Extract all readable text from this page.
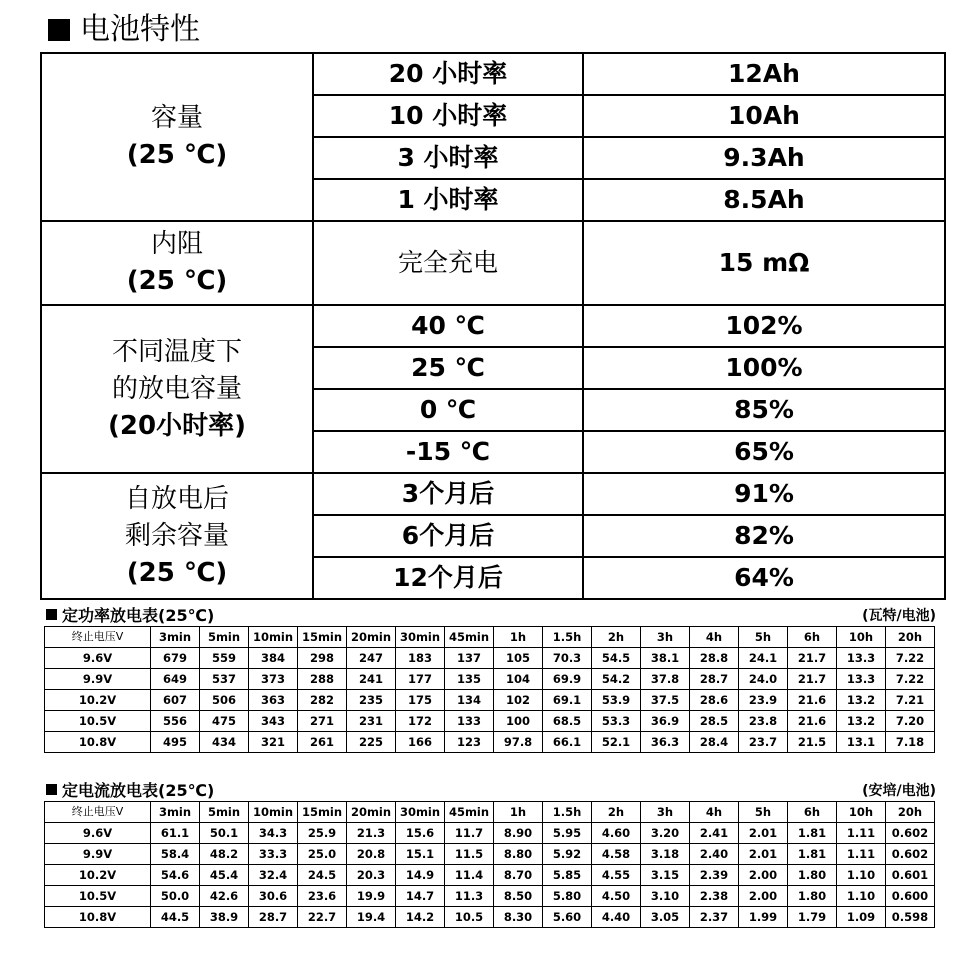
电池特性
容量
(25 ℃)	20 小时率	12Ah
	10 小时率	10Ah
	3 小时率	9.3Ah
	1 小时率	8.5Ah

内阻
(25 ℃)	完全充电	15 mΩ

不同温度下
的放电容量
(20小时率)	40 ℃	102%
	25 ℃	100%
	0 ℃	85%
	-15 ℃	65%

自放电后
剩余容量
(25 ℃)	3个月后	91%
	6个月后	82%
	12个月后	64%
定功率放电表(25℃)	(瓦特/电池)
终止电压V	3min	5min	10min	15min	20min	30min	45min	1h	1.5h	2h	3h	4h	5h	6h	10h	20h
9.6V	679	559	384	298	247	183	137	105	70.3	54.5	38.1	28.8	24.1	21.7	13.3	7.22
9.9V	649	537	373	288	241	177	135	104	69.9	54.2	37.8	28.7	24.0	21.7	13.3	7.22
10.2V	607	506	363	282	235	175	134	102	69.1	53.9	37.5	28.6	23.9	21.6	13.2	7.21
10.5V	556	475	343	271	231	172	133	100	68.5	53.3	36.9	28.5	23.8	21.6	13.2	7.20
10.8V	495	434	321	261	225	166	123	97.8	66.1	52.1	36.3	28.4	23.7	21.5	13.1	7.18
定电流放电表(25℃)	(安培/电池)
终止电压V	3min	5min	10min	15min	20min	30min	45min	1h	1.5h	2h	3h	4h	5h	6h	10h	20h
9.6V	61.1	50.1	34.3	25.9	21.3	15.6	11.7	8.90	5.95	4.60	3.20	2.41	2.01	1.81	1.11	0.602
9.9V	58.4	48.2	33.3	25.0	20.8	15.1	11.5	8.80	5.92	4.58	3.18	2.40	2.01	1.81	1.11	0.602
10.2V	54.6	45.4	32.4	24.5	20.3	14.9	11.4	8.70	5.85	4.55	3.15	2.39	2.00	1.80	1.10	0.601
10.5V	50.0	42.6	30.6	23.6	19.9	14.7	11.3	8.50	5.80	4.50	3.10	2.38	2.00	1.80	1.10	0.600
10.8V	44.5	38.9	28.7	22.7	19.4	14.2	10.5	8.30	5.60	4.40	3.05	2.37	1.99	1.79	1.09	0.598
